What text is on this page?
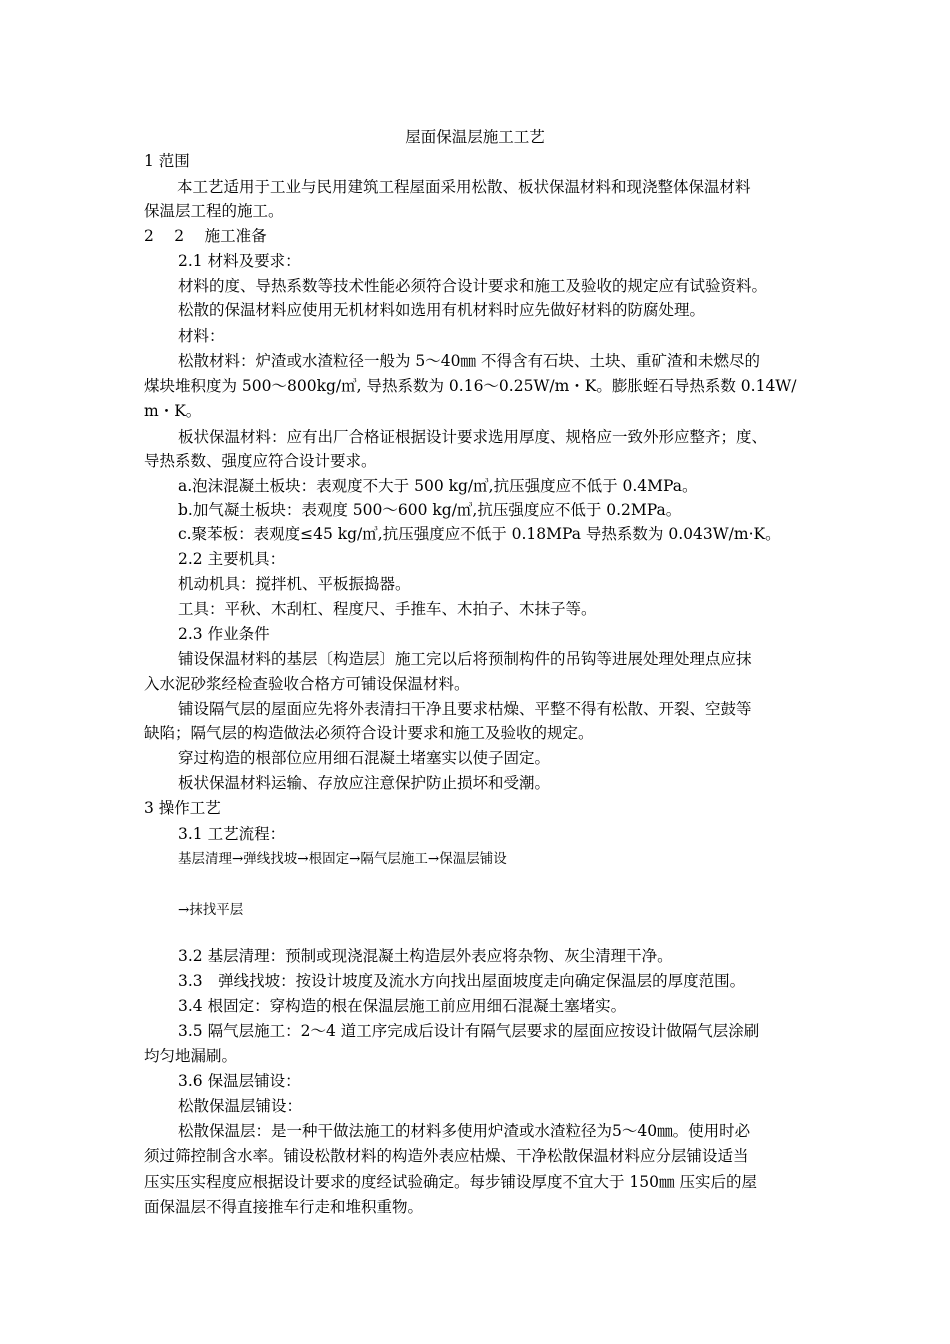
屋面保温层施工工艺
1 范围
本工艺适用于工业与民用建筑工程屋面采用松散、板状保温材料和现浇整体保温材料
保温层工程的施工。
2　 2　 施工准备
2.1 材料及要求：
材料的度、导热系数等技术性能必须符合设计要求和施工及验收的规定应有试验资料。
松散的保温材料应使用无机材料如选用有机材料时应先做好材料的防腐处理。
材料：
松散材料：炉渣或水渣粒径一般为 5～40㎜ 不得含有石块、土块、重矿渣和未燃尽的
煤块堆积度为 500～800kg/㎥, 导热系数为 0.16～0.25W/m・K。膨胀蛭石导热系数 0.14W/
m・K。
板状保温材料：应有出厂合格证根据设计要求选用厚度、规格应一致外形应整齐；度、
导热系数、强度应符合设计要求。
a.泡沫混凝土板块：表观度不大于 500 kg/㎥,抗压强度应不低于 0.4MPa。
b.加气凝土板块：表观度 500～600 kg/㎥,抗压强度应不低于 0.2MPa。
c.聚苯板：表观度≤45 kg/㎥,抗压强度应不低于 0.18MPa 导热系数为 0.043W/m·K。
2.2 主要机具：
机动机具：搅拌机、平板振捣器。
工具：平秋、木刮杠、程度尺、手推车、木拍子、木抹子等。
2.3 作业条件
铺设保温材料的基层〔构造层〕施工完以后将预制构件的吊钩等进展处理处理点应抹
入水泥砂浆经检查验收合格方可铺设保温材料。
铺设隔气层的屋面应先将外表清扫干净且要求枯燥、平整不得有松散、开裂、空鼓等
缺陷；隔气层的构造做法必须符合设计要求和施工及验收的规定。
穿过构造的根部位应用细石混凝土堵塞实以使子固定。
板状保温材料运输、存放应注意保护防止损坏和受潮。
3 操作工艺
3.1 工艺流程：
基层清理→弹线找坡→根固定→隔气层施工→保温层铺设
→抹找平层
3.2 基层清理：预制或现浇混凝土构造层外表应将杂物、灰尘清理干净。
3.3　弹线找坡：按设计坡度及流水方向找出屋面坡度走向确定保温层的厚度范围。
3.4 根固定：穿构造的根在保温层施工前应用细石混凝土塞堵实。
3.5 隔气层施工：2～4 道工序完成后设计有隔气层要求的屋面应按设计做隔气层涂刷
均匀地漏刷。
3.6 保温层铺设：
松散保温层铺设：
松散保温层：是一种干做法施工的材料多使用炉渣或水渣粒径为5～40㎜。使用时必
须过筛控制含水率。铺设松散材料的构造外表应枯燥、干净松散保温材料应分层铺设适当
压实压实程度应根据设计要求的度经试验确定。每步铺设厚度不宜大于 150㎜ 压实后的屋
面保温层不得直接推车行走和堆积重物。
